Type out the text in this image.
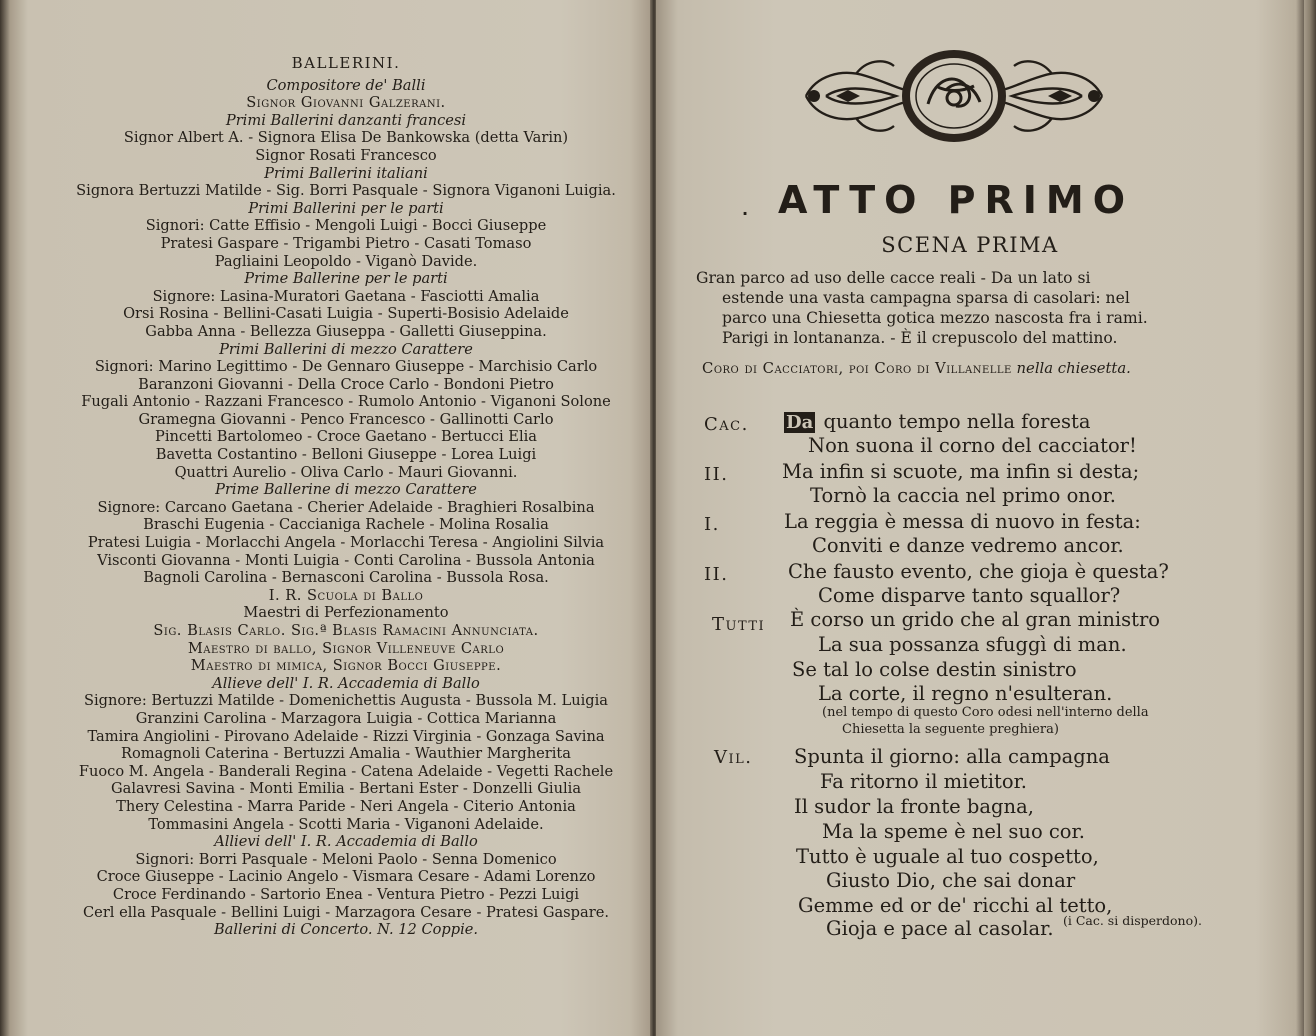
BALLERINI.
Compositore de' Balli
Signor Giovanni Galzerani.
Primi Ballerini danzanti francesi
Signor Albert A. - Signora Elisa De Bankowska (detta Varin)
Signor Rosati Francesco
Primi Ballerini italiani
Signora Bertuzzi Matilde - Sig. Borri Pasquale - Signora Viganoni Luigia.
Primi Ballerini per le parti
Signori: Catte Effisio - Mengoli Luigi - Bocci Giuseppe
Pratesi Gaspare - Trigambi Pietro - Casati Tomaso
Pagliaini Leopoldo - Viganò Davide.
Prime Ballerine per le parti
Signore: Lasina-Muratori Gaetana - Fasciotti Amalia
Orsi Rosina - Bellini-Casati Luigia - Superti-Bosisio Adelaide
Gabba Anna - Bellezza Giuseppa - Galletti Giuseppina.
Primi Ballerini di mezzo Carattere
Signori: Marino Legittimo - De Gennaro Giuseppe - Marchisio Carlo
Baranzoni Giovanni - Della Croce Carlo - Bondoni Pietro
Fugali Antonio - Razzani Francesco - Rumolo Antonio - Viganoni Solone
Gramegna Giovanni - Penco Francesco - Gallinotti Carlo
Pincetti Bartolomeo - Croce Gaetano - Bertucci Elia
Bavetta Costantino - Belloni Giuseppe - Lorea Luigi
Quattri Aurelio - Oliva Carlo - Mauri Giovanni.
Prime Ballerine di mezzo Carattere
Signore: Carcano Gaetana - Cherier Adelaide - Braghieri Rosalbina
Braschi Eugenia - Caccianiga Rachele - Molina Rosalia
Pratesi Luigia - Morlacchi Angela - Morlacchi Teresa - Angiolini Silvia
Visconti Giovanna - Monti Luigia - Conti Carolina - Bussola Antonia
Bagnoli Carolina - Bernasconi Carolina - Bussola Rosa.
I. R. Scuola di Ballo
Maestri di Perfezionamento
Sig. Blasis Carlo. Sig.ª Blasis Ramacini Annunciata.
Maestro di ballo, Signor Villeneuve Carlo
Maestro di mimica, Signor Bocci Giuseppe.
Allieve dell' I. R. Accademia di Ballo
Signore: Bertuzzi Matilde - Domenichettis Augusta - Bussola M. Luigia
Granzini Carolina - Marzagora Luigia - Cottica Marianna
Tamira Angiolini - Pirovano Adelaide - Rizzi Virginia - Gonzaga Savina
Romagnoli Caterina - Bertuzzi Amalia - Wauthier Margherita
Fuoco M. Angela - Banderali Regina - Catena Adelaide - Vegetti Rachele
Galavresi Savina - Monti Emilia - Bertani Ester - Donzelli Giulia
Thery Celestina - Marra Paride - Neri Angela - Citerio Antonia
Tommasini Angela - Scotti Maria - Viganoni Adelaide.
Allievi dell' I. R. Accademia di Ballo
Signori: Borri Pasquale - Meloni Paolo - Senna Domenico
Croce Giuseppe - Lacinio Angelo - Vismara Cesare - Adami Lorenzo
Croce Ferdinando - Sartorio Enea - Ventura Pietro - Pezzi Luigi
Cerl ella Pasquale - Bellini Luigi - Marzagora Cesare - Pratesi Gaspare.
Ballerini di Concerto. N. 12 Coppie.
· ATTO PRIMO
SCENA PRIMA
Gran parco ad uso delle cacce reali - Da un lato si
estende una vasta campagna sparsa di casolari: nel
parco una Chiesetta gotica mezzo nascosta fra i rami.
Parigi in lontananza. - È il crepuscolo del mattino.
Coro di Cacciatori, poi Coro di Villanelle nella chiesetta.
Cac.
II.
I.
II.
Tutti
Vil.
Da quanto tempo nella foresta
Non suona il corno del cacciator!
Ma infin si scuote, ma infin si desta;
Tornò la caccia nel primo onor.
La reggia è messa di nuovo in festa:
Conviti e danze vedremo ancor.
Che fausto evento, che gioja è questa?
Come disparve tanto squallor?
È corso un grido che al gran ministro
La sua possanza sfuggì di man.
Se tal lo colse destin sinistro
La corte, il regno n'esulteran.
(nel tempo di questo Coro odesi nell'interno della
Chiesetta la seguente preghiera)
Spunta il giorno: alla campagna
Fa ritorno il mietitor.
Il sudor la fronte bagna,
Ma la speme è nel suo cor.
Tutto è uguale al tuo cospetto,
Giusto Dio, che sai donar
Gemme ed or de' ricchi al tetto,
Gioja e pace al casolar. (i Cac. si disperdono).
